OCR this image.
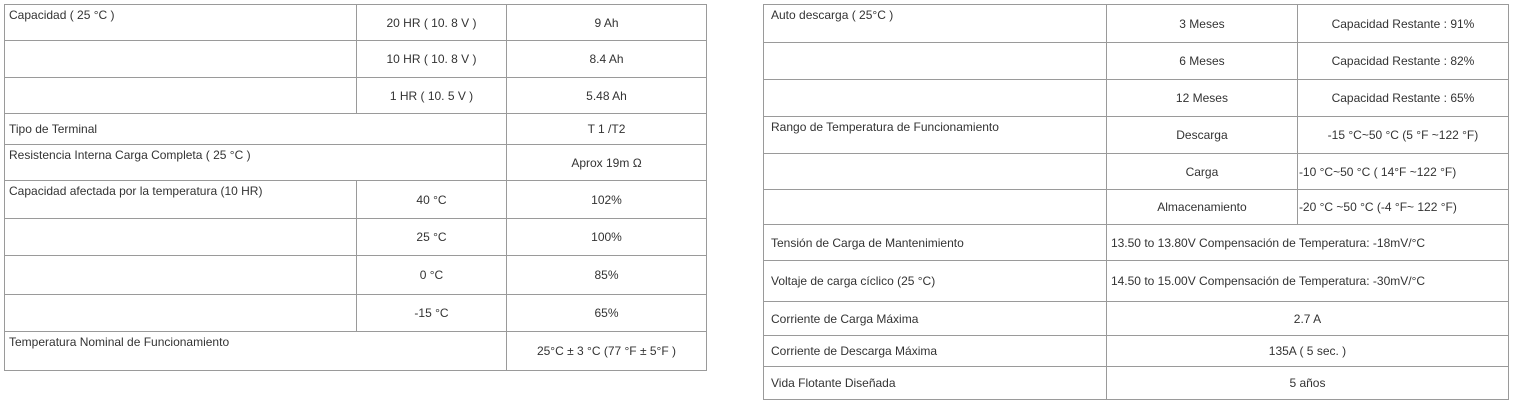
Capacidad ( 25 °C )	20 HR ( 10. 8 V )	9 Ah
	10 HR ( 10. 8 V )	8.4 Ah
	1 HR ( 10. 5 V )	5.48 Ah
Tipo de Terminal		T 1 /T2
Resistencia Interna Carga Completa ( 25 °C )		Aprox 19m Ω
Capacidad afectada por la temperatura (10 HR)	40 °C	102%
	25 °C	100%
	0 °C	85%
	-15 °C	65%
Temperatura Nominal de Funcionamiento		25°C ± 3 °C (77 °F ± 5°F )
Auto descarga ( 25°C )	3 Meses	Capacidad Restante : 91%
	6 Meses	Capacidad Restante : 82%
	12 Meses	Capacidad Restante : 65%
Rango de Temperatura de Funcionamiento	Descarga	-15 °C~50 °C (5 °F ~122 °F)
	Carga	-10 °C~50 °C ( 14°F ~122 °F)
	Almacenamiento	-20 °C ~50 °C (-4 °F~ 122 °F)
Tensión de Carga de Mantenimiento	13.50 to 13.80V Compensación de Temperatura: -18mV/°C	
Voltaje de carga cíclico (25 °C)	14.50 to 15.00V Compensación de Temperatura: -30mV/°C	
Corriente de Carga Máxima	2.7 A	
Corriente de Descarga Máxima	135A ( 5 sec. )	
Vida Flotante Diseñada	5 años	
